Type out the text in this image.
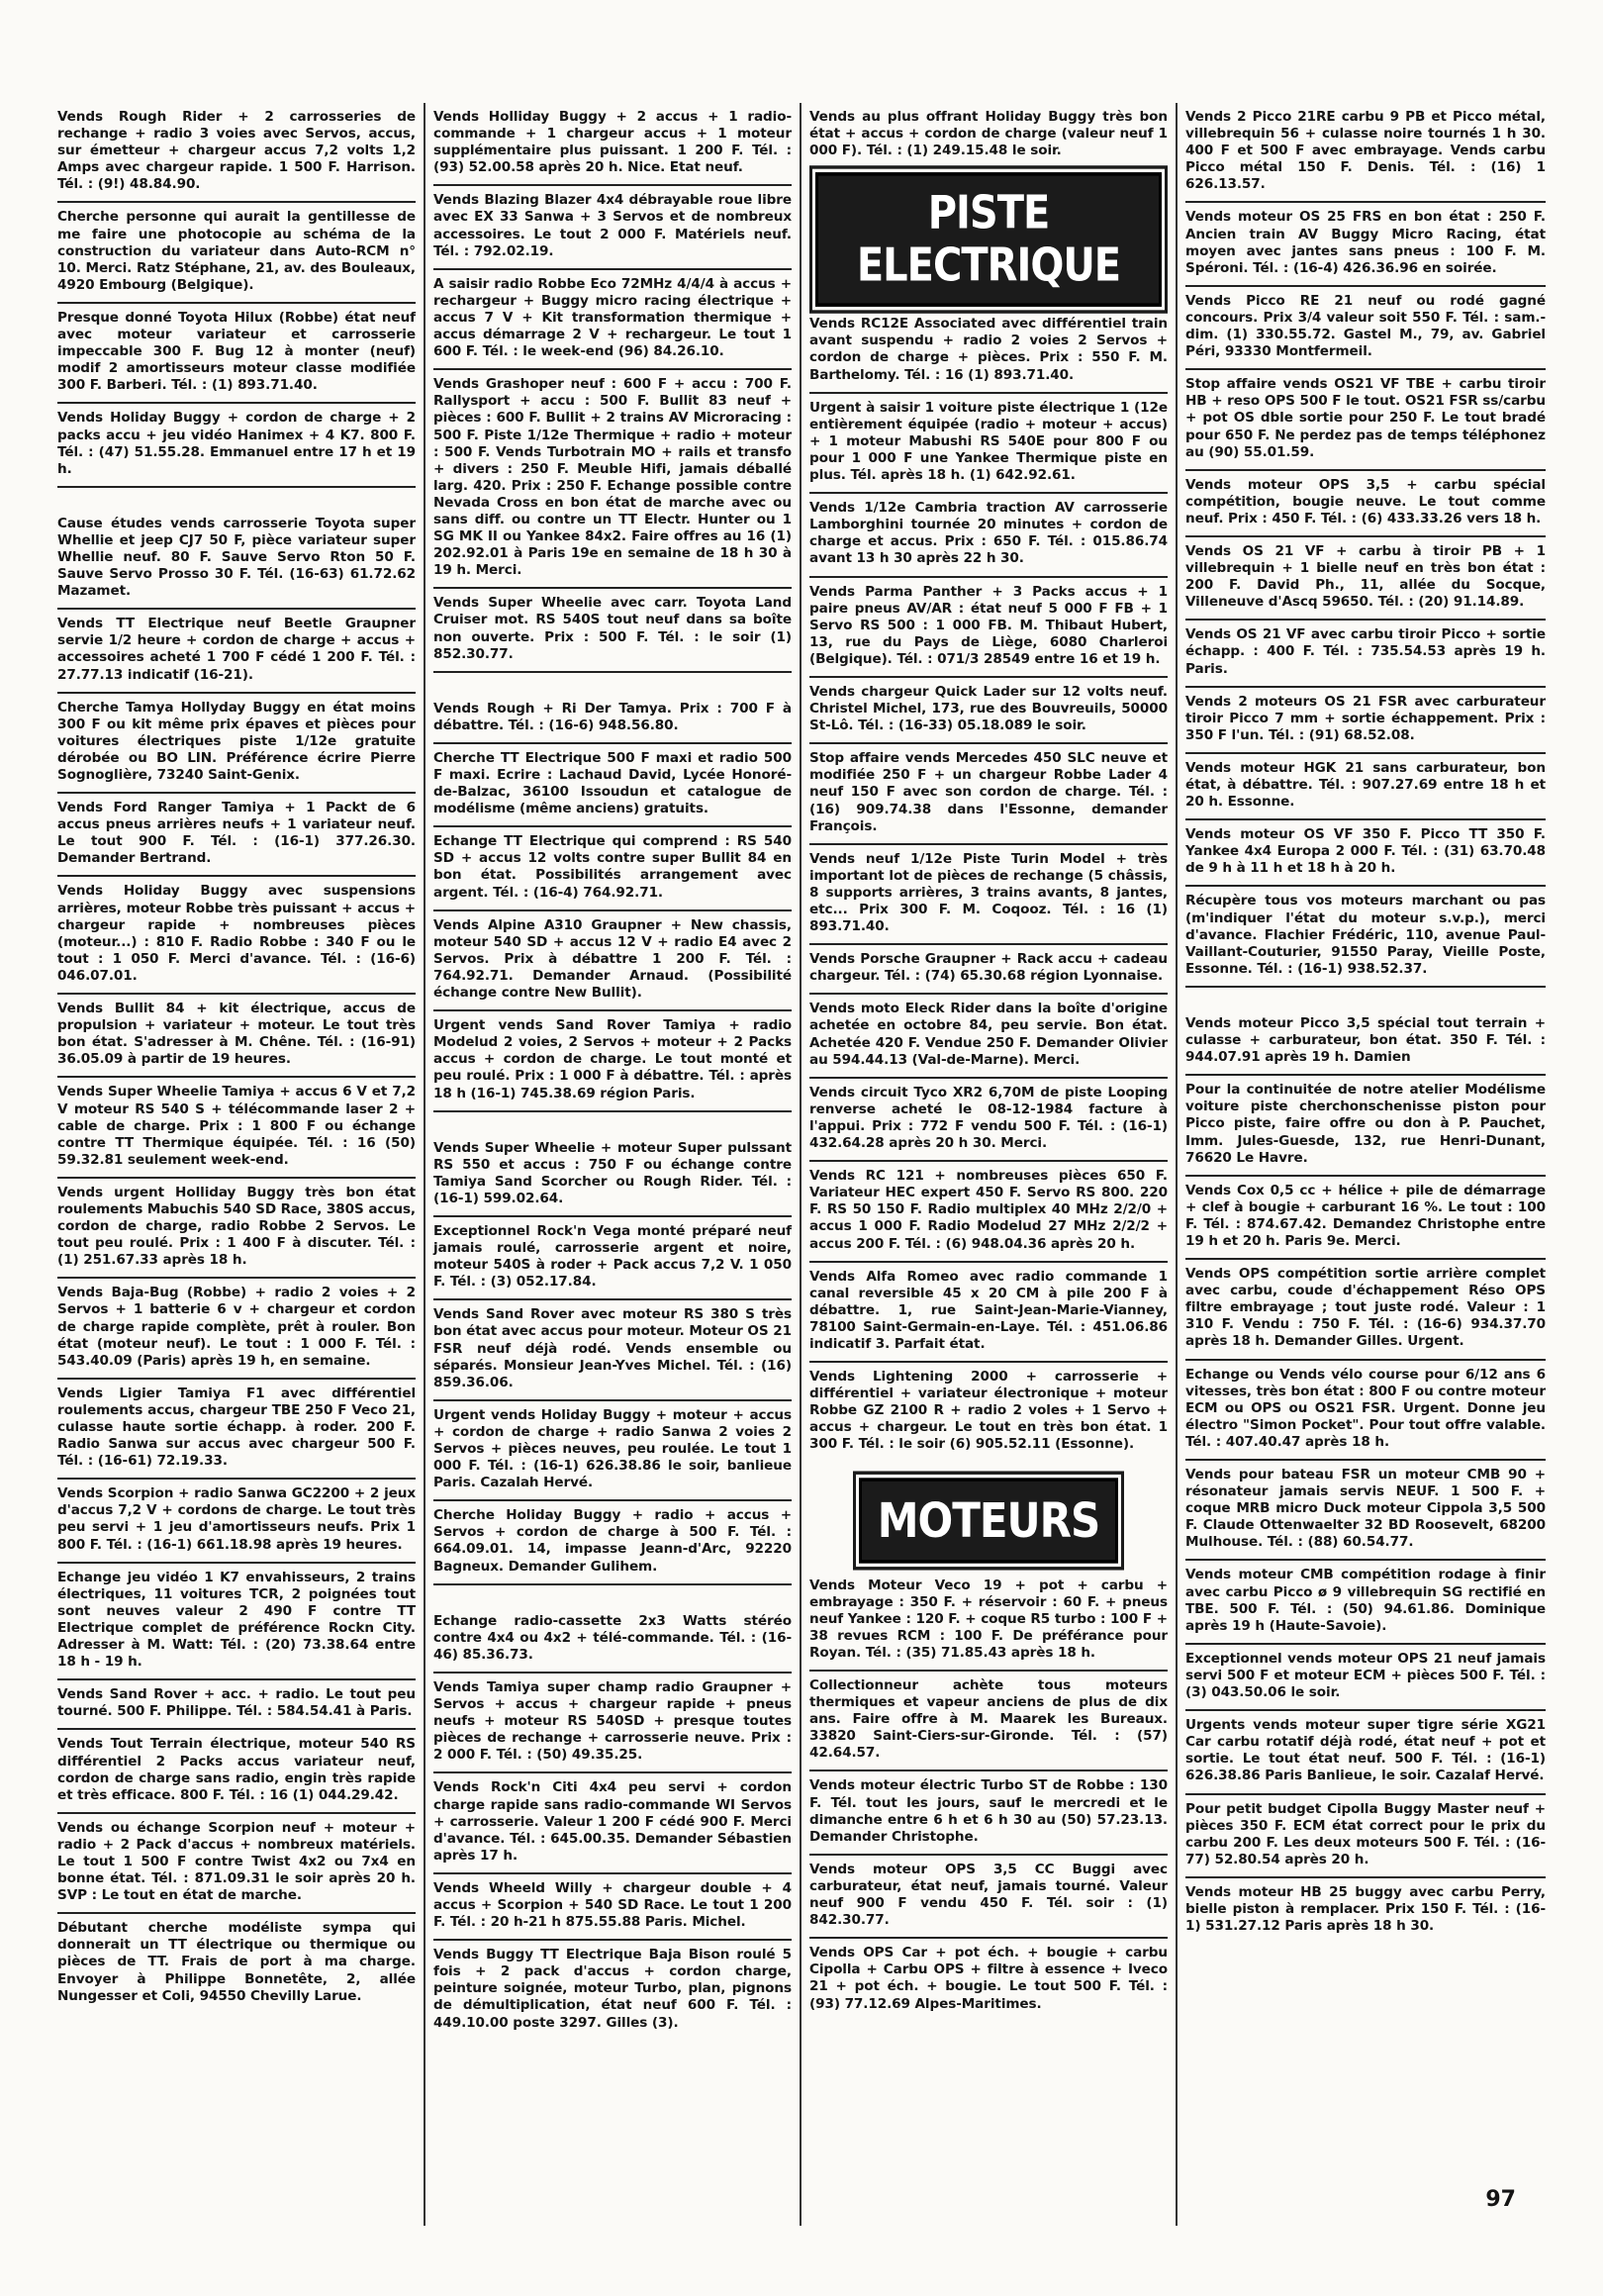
Vends Rough Rider + 2 carrosseries de rechange + radio 3 voies avec Servos, accus, sur émetteur + chargeur accus 7,2 volts 1,2 Amps avec chargeur rapide. 1 500 F. Harrison. Tél. : (9!) 48.84.90.
Cherche personne qui aurait la gentillesse de me faire une photocopie au schéma de la construction du variateur dans Auto-RCM n° 10. Merci. Ratz Stéphane, 21, av. des Bouleaux, 4920 Embourg (Belgique).
Presque donné Toyota Hilux (Robbe) état neuf avec moteur variateur et carrosserie impeccable 300 F. Bug 12 à monter (neuf) modif 2 amortisseurs moteur classe modifiée 300 F. Barberi. Tél. : (1) 893.71.40.
Vends Holiday Buggy + cordon de charge + 2 packs accu + jeu vidéo Hanimex + 4 K7. 800 F. Tél. : (47) 51.55.28. Emmanuel entre 17 h et 19 h.
Cause études vends carrosserie Toyota super Whellie et jeep CJ7 50 F, pièce variateur super Whellie neuf. 80 F. Sauve Servo Rton 50 F. Sauve Servo Prosso 30 F. Tél. (16-63) 61.72.62 Mazamet.
Vends TT Electrique neuf Beetle Graupner servie 1/2 heure + cordon de charge + accus + accessoires acheté 1 700 F cédé 1 200 F. Tél. : 27.77.13 indicatif (16-21).
Cherche Tamya Hollyday Buggy en état moins 300 F ou kit même prix épaves et pièces pour voitures électriques piste 1/12e gratuite dérobée ou BO LIN. Préférence écrire Pierre Sognoglière, 73240 Saint-Genix.
Vends Ford Ranger Tamiya + 1 Packt de 6 accus pneus arrières neufs + 1 variateur neuf. Le tout 900 F. Tél. : (16-1) 377.26.30. Demander Bertrand.
Vends Holiday Buggy avec suspensions arrières, moteur Robbe très puissant + accus + chargeur rapide + nombreuses pièces (moteur...) : 810 F. Radio Robbe : 340 F ou le tout : 1 050 F. Merci d'avance. Tél. : (16-6) 046.07.01.
Vends Bullit 84 + kit électrique, accus de propulsion + variateur + moteur. Le tout très bon état. S'adresser à M. Chêne. Tél. : (16-91) 36.05.09 à partir de 19 heures.
Vends Super Wheelie Tamiya + accus 6 V et 7,2 V moteur RS 540 S + télécommande laser 2 + cable de charge. Prix : 1 800 F ou échange contre TT Thermique équipée. Tél. : 16 (50) 59.32.81 seulement week-end.
Vends urgent Holliday Buggy très bon état roulements Mabuchis 540 SD Race, 380S accus, cordon de charge, radio Robbe 2 Servos. Le tout peu roulé. Prix : 1 400 F à discuter. Tél. : (1) 251.67.33 après 18 h.
Vends Baja-Bug (Robbe) + radio 2 voies + 2 Servos + 1 batterie 6 v + chargeur et cordon de charge rapide complète, prêt à rouler. Bon état (moteur neuf). Le tout : 1 000 F. Tél. : 543.40.09 (Paris) après 19 h, en semaine.
Vends Ligier Tamiya F1 avec différentiel roulements accus, chargeur TBE 250 F Veco 21, culasse haute sortie échapp. à roder. 200 F. Radio Sanwa sur accus avec chargeur 500 F. Tél. : (16-61) 72.19.33.
Vends Scorpion + radio Sanwa GC2200 + 2 jeux d'accus 7,2 V + cordons de charge. Le tout très peu servi + 1 jeu d'amortisseurs neufs. Prix 1 800 F. Tél. : (16-1) 661.18.98 après 19 heures.
Echange jeu vidéo 1 K7 envahisseurs, 2 trains électriques, 11 voitures TCR, 2 poignées tout sont neuves valeur 2 490 F contre TT Electrique complet de préférence Rockn City. Adresser à M. Watt: Tél. : (20) 73.38.64 entre 18 h - 19 h.
Vends Sand Rover + acc. + radio. Le tout peu tourné. 500 F. Philippe. Tél. : 584.54.41 à Paris.
Vends Tout Terrain électrique, moteur 540 RS différentiel 2 Packs accus variateur neuf, cordon de charge sans radio, engin très rapide et très efficace. 800 F. Tél. : 16 (1) 044.29.42.
Vends ou échange Scorpion neuf + moteur + radio + 2 Pack d'accus + nombreux matériels. Le tout 1 500 F contre Twist 4x2 ou 7x4 en bonne état. Tél. : 871.09.31 le soir après 20 h. SVP : Le tout en état de marche.
Débutant cherche modéliste sympa qui donnerait un TT électrique ou thermique ou pièces de TT. Frais de port à ma charge. Envoyer à Philippe Bonnetête, 2, allée Nungesser et Coli, 94550 Chevilly Larue.
Vends Holliday Buggy + 2 accus + 1 radio-commande + 1 chargeur accus + 1 moteur supplémentaire plus puissant. 1 200 F. Tél. : (93) 52.00.58 après 20 h. Nice. Etat neuf.
Vends Blazing Blazer 4x4 débrayable roue libre avec EX 33 Sanwa + 3 Servos et de nombreux accessoires. Le tout 2 000 F. Matériels neuf. Tél. : 792.02.19.
A saisir radio Robbe Eco 72MHz 4/4/4 à accus + rechargeur + Buggy micro racing électrique + accus 7 V + Kit transformation thermique + accus démarrage 2 V + rechargeur. Le tout 1 600 F. Tél. : le week-end (96) 84.26.10.
Vends Grashoper neuf : 600 F + accu : 700 F. Rallysport + accu : 500 F. Bullit 83 neuf + pièces : 600 F. Bullit + 2 trains AV Microracing : 500 F. Piste 1/12e Thermique + radio + moteur : 500 F. Vends Turbotrain MO + rails et transfo + divers : 250 F. Meuble Hifi, jamais déballé larg. 420. Prix : 250 F. Echange possible contre Nevada Cross en bon état de marche avec ou sans diff. ou contre un TT Electr. Hunter ou 1 SG MK II ou Yankee 84x2. Faire offres au 16 (1) 202.92.01 à Paris 19e en semaine de 18 h 30 à 19 h. Merci.
Vends Super Wheelie avec carr. Toyota Land Cruiser mot. RS 540S tout neuf dans sa boîte non ouverte. Prix : 500 F. Tél. : le soir (1) 852.30.77.
Vends Rough + Ri Der Tamya. Prix : 700 F à débattre. Tél. : (16-6) 948.56.80.
Cherche TT Electrique 500 F maxi et radio 500 F maxi. Ecrire : Lachaud David, Lycée Honoré-de-Balzac, 36100 Issoudun et catalogue de modélisme (même anciens) gratuits.
Echange TT Electrique qui comprend : RS 540 SD + accus 12 volts contre super Bullit 84 en bon état. Possibilités arrangement avec argent. Tél. : (16-4) 764.92.71.
Vends Alpine A310 Graupner + New chassis, moteur 540 SD + accus 12 V + radio E4 avec 2 Servos. Prix à débattre 1 200 F. Tél. : 764.92.71. Demander Arnaud. (Possibilité échange contre New Bullit).
Urgent vends Sand Rover Tamiya + radio Modelud 2 voies, 2 Servos + moteur + 2 Packs accus + cordon de charge. Le tout monté et peu roulé. Prix : 1 000 F à débattre. Tél. : après 18 h (16-1) 745.38.69 région Paris.
Vends Super Wheelie + moteur Super pulssant RS 550 et accus : 750 F ou échange contre Tamiya Sand Scorcher ou Rough Rider. Tél. : (16-1) 599.02.64.
Exceptionnel Rock'n Vega monté préparé neuf jamais roulé, carrosserie argent et noire, moteur 540S à roder + Pack accus 7,2 V. 1 050 F. Tél. : (3) 052.17.84.
Vends Sand Rover avec moteur RS 380 S très bon état avec accus pour moteur. Moteur OS 21 FSR neuf déjà rodé. Vends ensemble ou séparés. Monsieur Jean-Yves Michel. Tél. : (16) 859.36.06.
Urgent vends Holiday Buggy + moteur + accus + cordon de charge + radio Sanwa 2 voies 2 Servos + pièces neuves, peu roulée. Le tout 1 000 F. Tél. : (16-1) 626.38.86 le soir, banlieue Paris. Cazalah Hervé.
Cherche Holiday Buggy + radio + accus + Servos + cordon de charge à 500 F. Tél. : 664.09.01. 14, impasse Jeann-d'Arc, 92220 Bagneux. Demander Gulihem.
Echange radio-cassette 2x3 Watts stéréo contre 4x4 ou 4x2 + télé-commande. Tél. : (16-46) 85.36.73.
Vends Tamiya super champ radio Graupner + Servos + accus + chargeur rapide + pneus neufs + moteur RS 540SD + presque toutes pièces de rechange + carrosserie neuve. Prix : 2 000 F. Tél. : (50) 49.35.25.
Vends Rock'n Citi 4x4 peu servi + cordon charge rapide sans radio-commande WI Servos + carrosserie. Valeur 1 200 F cédé 900 F. Merci d'avance. Tél. : 645.00.35. Demander Sébastien après 17 h.
Vends Wheeld Willy + chargeur double + 4 accus + Scorpion + 540 SD Race. Le tout 1 200 F. Tél. : 20 h-21 h 875.55.88 Paris. Michel.
Vends Buggy TT Electrique Baja Bison roulé 5 fois + 2 pack d'accus + cordon charge, peinture soignée, moteur Turbo, plan, pignons de démultiplication, état neuf 600 F. Tél. : 449.10.00 poste 3297. Gilles (3).
Vends au plus offrant Holiday Buggy très bon état + accus + cordon de charge (valeur neuf 1 000 F). Tél. : (1) 249.15.48 le soir.
PISTE ELECTRIQUE
Vends RC12E Associated avec différentiel train avant suspendu + radio 2 voies 2 Servos + cordon de charge + pièces. Prix : 550 F. M. Barthelomy. Tél. : 16 (1) 893.71.40.
Urgent à saisir 1 voiture piste électrique 1 (12e entièrement équipée (radio + moteur + accus) + 1 moteur Mabushi RS 540E pour 800 F ou pour 1 000 F une Yankee Thermique piste en plus. Tél. après 18 h. (1) 642.92.61.
Vends 1/12e Cambria traction AV carrosserie Lamborghini tournée 20 minutes + cordon de charge et accus. Prix : 650 F. Tél. : 015.86.74 avant 13 h 30 après 22 h 30.
Vends Parma Panther + 3 Packs accus + 1 paire pneus AV/AR : état neuf 5 000 F FB + 1 Servo RS 500 : 1 000 FB. M. Thibaut Hubert, 13, rue du Pays de Liège, 6080 Charleroi (Belgique). Tél. : 071/3 28549 entre 16 et 19 h.
Vends chargeur Quick Lader sur 12 volts neuf. Christel Michel, 173, rue des Bouvreuils, 50000 St-Lô. Tél. : (16-33) 05.18.089 le soir.
Stop affaire vends Mercedes 450 SLC neuve et modifiée 250 F + un chargeur Robbe Lader 4 neuf 150 F avec son cordon de charge. Tél. : (16) 909.74.38 dans l'Essonne, demander François.
Vends neuf 1/12e Piste Turin Model + très important lot de pièces de rechange (5 châssis, 8 supports arrières, 3 trains avants, 8 jantes, etc... Prix 300 F. M. Coqooz. Tél. : 16 (1) 893.71.40.
Vends Porsche Graupner + Rack accu + cadeau chargeur. Tél. : (74) 65.30.68 région Lyonnaise.
Vends moto Eleck Rider dans la boîte d'origine achetée en octobre 84, peu servie. Bon état. Achetée 420 F. Vendue 250 F. Demander Olivier au 594.44.13 (Val-de-Marne). Merci.
Vends circuit Tyco XR2 6,70M de piste Looping renverse acheté le 08-12-1984 facture à l'appui. Prix : 772 F vendu 500 F. Tél. : (16-1) 432.64.28 après 20 h 30. Merci.
Vends RC 121 + nombreuses pièces 650 F. Variateur HEC expert 450 F. Servo RS 800. 220 F. RS 50 150 F. Radio multiplex 40 MHz 2/2/0 + accus 1 000 F. Radio Modelud 27 MHz 2/2/2 + accus 200 F. Tél. : (6) 948.04.36 après 20 h.
Vends Alfa Romeo avec radio commande 1 canal reversible 45 x 20 CM à pile 200 F à débattre. 1, rue Saint-Jean-Marie-Vianney, 78100 Saint-Germain-en-Laye. Tél. : 451.06.86 indicatif 3. Parfait état.
Vends Lightening 2000 + carrosserie + différentiel + variateur électronique + moteur Robbe GZ 2100 R + radio 2 voles + 1 Servo + accus + chargeur. Le tout en très bon état. 1 300 F. Tél. : le soir (6) 905.52.11 (Essonne).
MOTEURS
Vends Moteur Veco 19 + pot + carbu + embrayage : 350 F. + réservoir : 60 F. + pneus neuf Yankee : 120 F. + coque R5 turbo : 100 F + 38 revues RCM : 100 F. De préférance pour Royan. Tél. : (35) 71.85.43 après 18 h.
Collectionneur achète tous moteurs thermiques et vapeur anciens de plus de dix ans. Faire offre à M. Maarek les Bureaux. 33820 Saint-Ciers-sur-Gironde. Tél. : (57) 42.64.57.
Vends moteur électric Turbo ST de Robbe : 130 F. Tél. tout les jours, sauf le mercredi et le dimanche entre 6 h et 6 h 30 au (50) 57.23.13. Demander Christophe.
Vends moteur OPS 3,5 CC Buggi avec carburateur, état neuf, jamais tourné. Valeur neuf 900 F vendu 450 F. Tél. soir : (1) 842.30.77.
Vends OPS Car + pot éch. + bougie + carbu Cipolla + Carbu OPS + filtre à essence + Iveco 21 + pot éch. + bougie. Le tout 500 F. Tél. : (93) 77.12.69 Alpes-Maritimes.
Vends 2 Picco 21RE carbu 9 PB et Picco métal, villebrequin 56 + culasse noire tournés 1 h 30. 400 F et 500 F avec embrayage. Vends carbu Picco métal 150 F. Denis. Tél. : (16) 1 626.13.57.
Vends moteur OS 25 FRS en bon état : 250 F. Ancien train AV Buggy Micro Racing, état moyen avec jantes sans pneus : 100 F. M. Spéroni. Tél. : (16-4) 426.36.96 en soirée.
Vends Picco RE 21 neuf ou rodé gagné concours. Prix 3/4 valeur soit 550 F. Tél. : sam.-dim. (1) 330.55.72. Gastel M., 79, av. Gabriel Péri, 93330 Montfermeil.
Stop affaire vends OS21 VF TBE + carbu tiroir HB + reso OPS 500 F le tout. OS21 FSR ss/carbu + pot OS dble sortie pour 250 F. Le tout bradé pour 650 F. Ne perdez pas de temps téléphonez au (90) 55.01.59.
Vends moteur OPS 3,5 + carbu spécial compétition, bougie neuve. Le tout comme neuf. Prix : 450 F. Tél. : (6) 433.33.26 vers 18 h.
Vends OS 21 VF + carbu à tiroir PB + 1 villebrequin + 1 bielle neuf en très bon état : 200 F. David Ph., 11, allée du Socque, Villeneuve d'Ascq 59650. Tél. : (20) 91.14.89.
Vends OS 21 VF avec carbu tiroir Picco + sortie échapp. : 400 F. Tél. : 735.54.53 après 19 h. Paris.
Vends 2 moteurs OS 21 FSR avec carburateur tiroir Picco 7 mm + sortie échappement. Prix : 350 F l'un. Tél. : (91) 68.52.08.
Vends moteur HGK 21 sans carburateur, bon état, à débattre. Tél. : 907.27.69 entre 18 h et 20 h. Essonne.
Vends moteur OS VF 350 F. Picco TT 350 F. Yankee 4x4 Europa 2 000 F. Tél. : (31) 63.70.48 de 9 h à 11 h et 18 h à 20 h.
Récupère tous vos moteurs marchant ou pas (m'indiquer l'état du moteur s.v.p.), merci d'avance. Flachier Frédéric, 110, avenue Paul-Vaillant-Couturier, 91550 Paray, Vieille Poste, Essonne. Tél. : (16-1) 938.52.37.
Vends moteur Picco 3,5 spécial tout terrain + culasse + carburateur, bon état. 350 F. Tél. : 944.07.91 après 19 h. Damien
Pour la continuitée de notre atelier Modélisme voiture piste cherchonschenisse piston pour Picco piste, faire offre ou don à P. Pauchet, Imm. Jules-Guesde, 132, rue Henri-Dunant, 76620 Le Havre.
Vends Cox 0,5 cc + hélice + pile de démarrage + clef à bougie + carburant 16 %. Le tout : 100 F. Tél. : 874.67.42. Demandez Christophe entre 19 h et 20 h. Paris 9e. Merci.
Vends OPS compétition sortie arrière complet avec carbu, coude d'échappement Réso OPS filtre embrayage ; tout juste rodé. Valeur : 1 310 F. Vendu : 750 F. Tél. : (16-6) 934.37.70 après 18 h. Demander Gilles. Urgent.
Echange ou Vends vélo course pour 6/12 ans 6 vitesses, très bon état : 800 F ou contre moteur ECM ou OPS ou OS21 FSR. Urgent. Donne jeu électro "Simon Pocket". Pour tout offre valable. Tél. : 407.40.47 après 18 h.
Vends pour bateau FSR un moteur CMB 90 + résonateur jamais servis NEUF. 1 500 F. + coque MRB micro Duck moteur Cippola 3,5 500 F. Claude Ottenwaelter 32 BD Roosevelt, 68200 Mulhouse. Tél. : (88) 60.54.77.
Vends moteur CMB compétition rodage à finir avec carbu Picco ø 9 villebrequin SG rectifié en TBE. 500 F. Tél. : (50) 94.61.86. Dominique après 19 h (Haute-Savoie).
Exceptionnel vends moteur OPS 21 neuf jamais servi 500 F et moteur ECM + pièces 500 F. Tél. : (3) 043.50.06 le soir.
Urgents vends moteur super tigre série XG21 Car carbu rotatif déjà rodé, état neuf + pot et sortie. Le tout état neuf. 500 F. Tél. : (16-1) 626.38.86 Paris Banlieue, le soir. Cazalaf Hervé.
Pour petit budget Cipolla Buggy Master neuf + pièces 350 F. ECM état correct pour le prix du carbu 200 F. Les deux moteurs 500 F. Tél. : (16-77) 52.80.54 après 20 h.
Vends moteur HB 25 buggy avec carbu Perry, bielle piston à remplacer. Prix 150 F. Tél. : (16-1) 531.27.12 Paris après 18 h 30.
97
